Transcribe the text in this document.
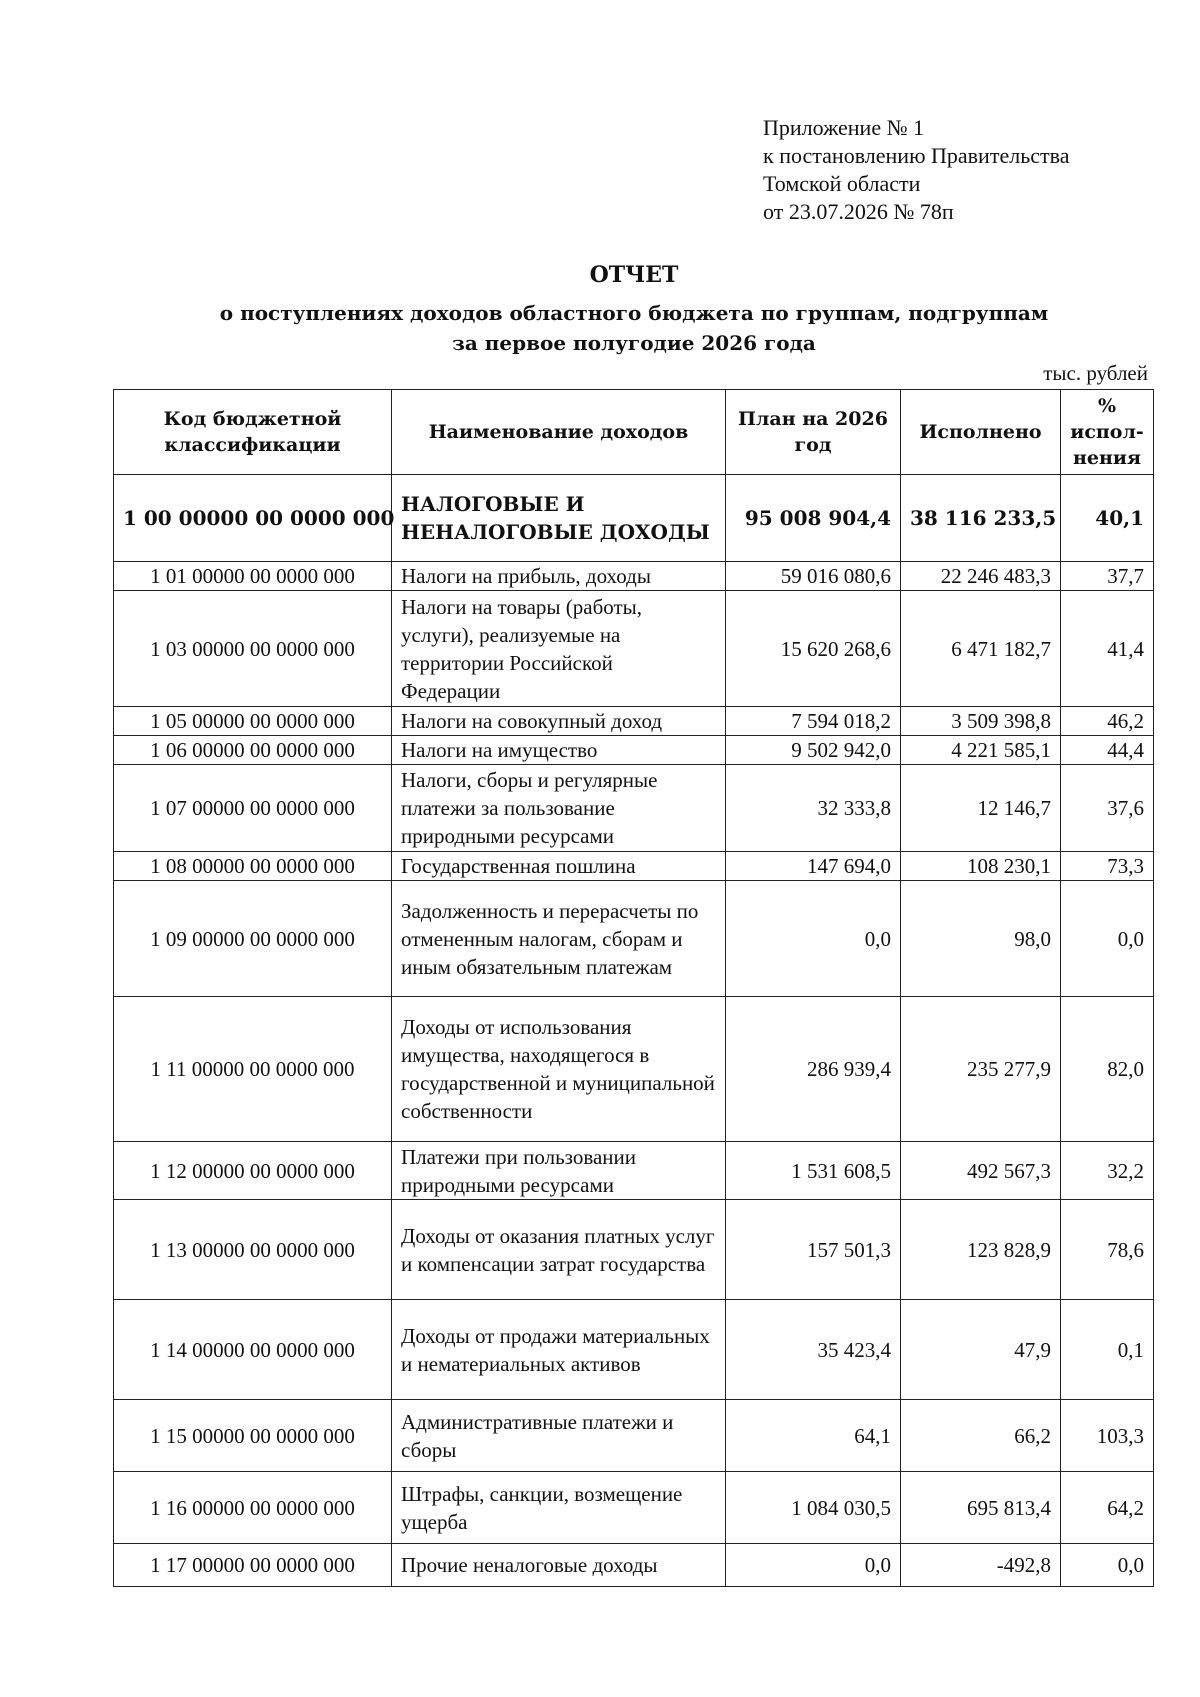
Приложение № 1
к постановлению Правительства
Томской области
от 23.07.2026 № 78п
ОТЧЕТ
о поступлениях доходов областного бюджета по группам, подгруппам
за первое полугодие 2026 года
тыс. рублей
Код бюджетной классификации	Наименование доходов	План на 2026 год	Исполнено	% испол-нения
1 00 00000 00 0000 000	НАЛОГОВЫЕ И НЕНАЛОГОВЫЕ ДОХОДЫ	95 008 904,4	38 116 233,5	40,1
1 01 00000 00 0000 000	Налоги на прибыль, доходы	59 016 080,6	22 246 483,3	37,7
1 03 00000 00 0000 000	Налоги на товары (работы, услуги), реализуемые на территории Российской Федерации	15 620 268,6	6 471 182,7	41,4
1 05 00000 00 0000 000	Налоги на совокупный доход	7 594 018,2	3 509 398,8	46,2
1 06 00000 00 0000 000	Налоги на имущество	9 502 942,0	4 221 585,1	44,4
1 07 00000 00 0000 000	Налоги, сборы и регулярные платежи за пользование природными ресурсами	32 333,8	12 146,7	37,6
1 08 00000 00 0000 000	Государственная пошлина	147 694,0	108 230,1	73,3
1 09 00000 00 0000 000	Задолженность и перерасчеты по отмененным налогам, сборам и иным обязательным платежам	0,0	98,0	0,0
1 11 00000 00 0000 000	Доходы от использования имущества, находящегося в государственной и муниципальной собственности	286 939,4	235 277,9	82,0
1 12 00000 00 0000 000	Платежи при пользовании природными ресурсами	1 531 608,5	492 567,3	32,2
1 13 00000 00 0000 000	Доходы от оказания платных услуг и компенсации затрат государства	157 501,3	123 828,9	78,6
1 14 00000 00 0000 000	Доходы от продажи материальных и нематериальных активов	35 423,4	47,9	0,1
1 15 00000 00 0000 000	Административные платежи и сборы	64,1	66,2	103,3
1 16 00000 00 0000 000	Штрафы, санкции, возмещение ущерба	1 084 030,5	695 813,4	64,2
1 17 00000 00 0000 000	Прочие неналоговые доходы	0,0	-492,8	0,0
